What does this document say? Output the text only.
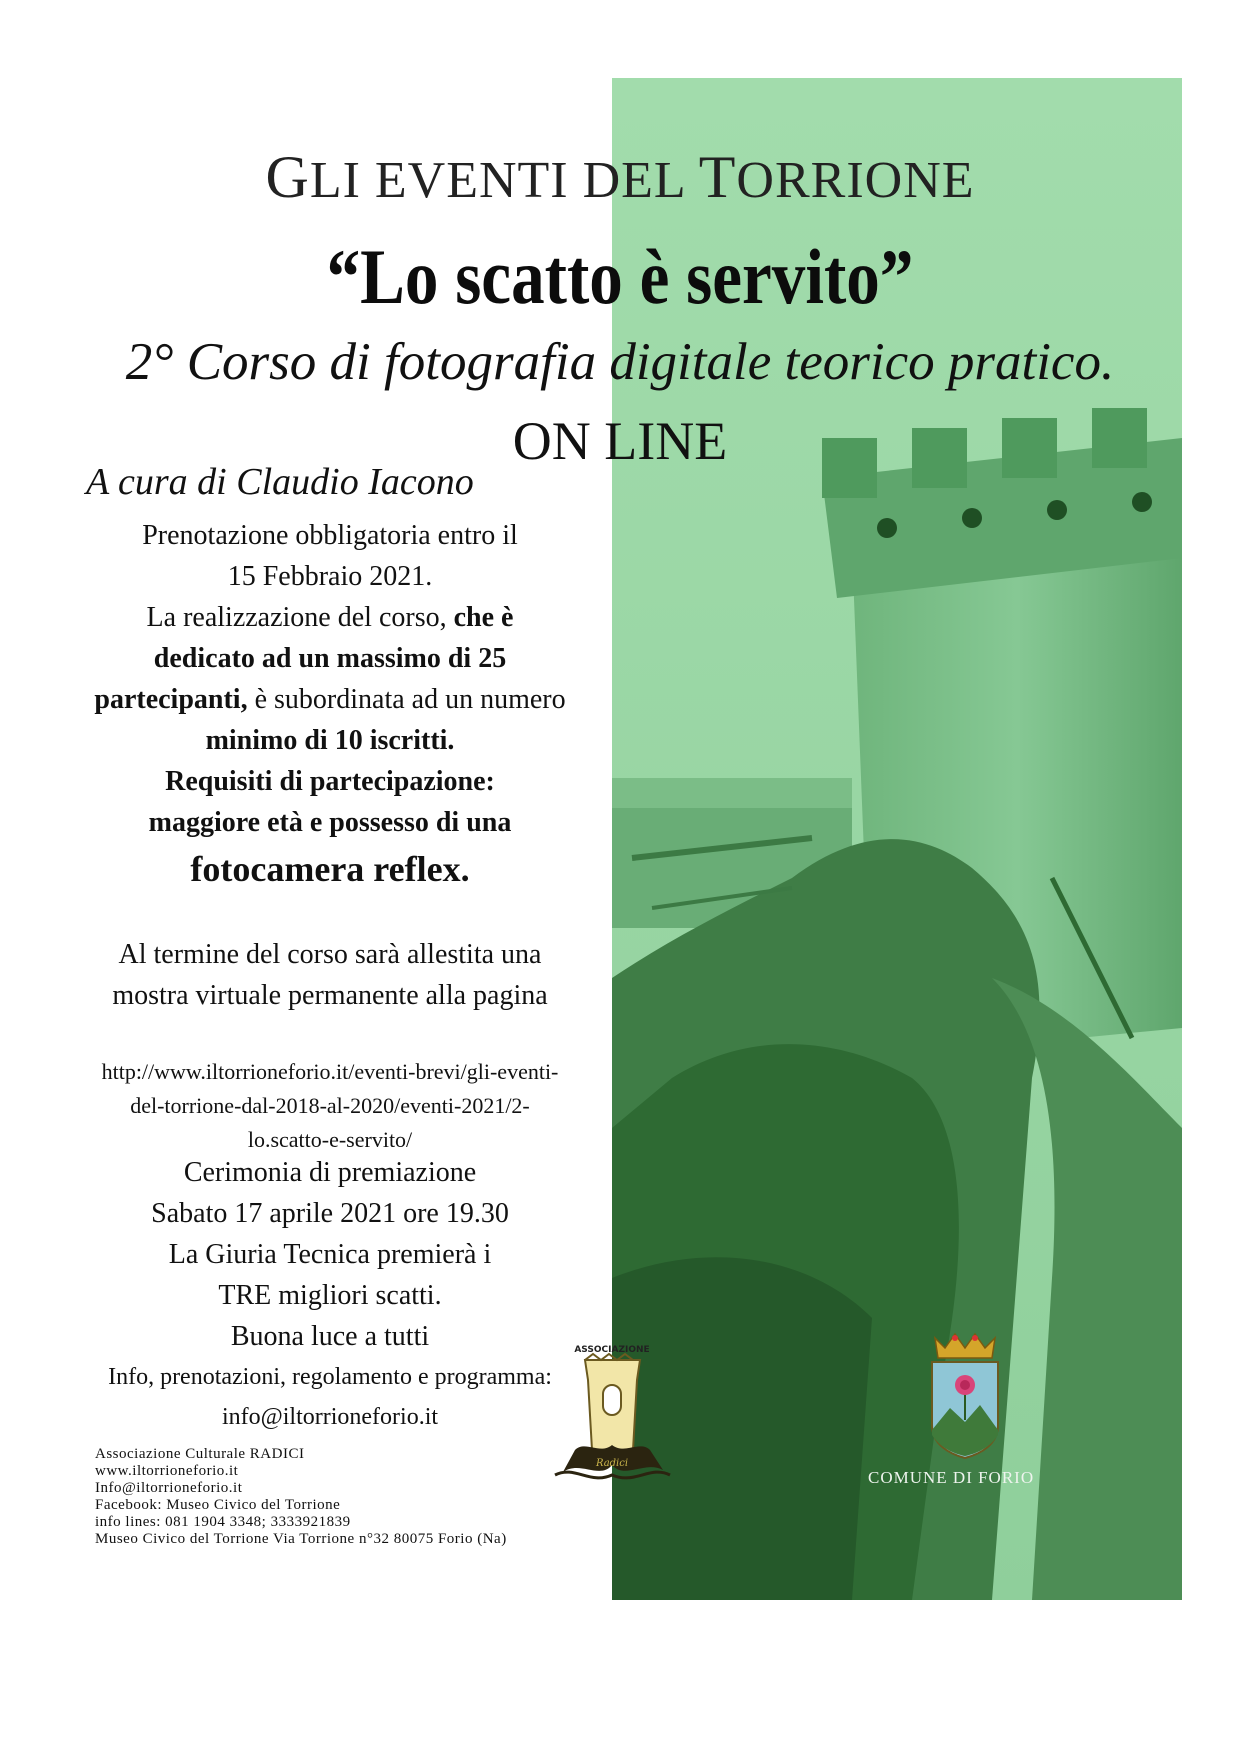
GLI EVENTI DEL TORRIONE
“Lo scatto è servito”
2° Corso di fotografia digitale teorico pratico.
ON LINE
A cura di Claudio Iacono
Prenotazione obbligatoria entro il
15 Febbraio 2021.
La realizzazione del corso, che è
dedicato ad un massimo di 25
partecipanti, è subordinata ad un numero
minimo di 10 iscritti.
Requisiti di partecipazione:
maggiore età e possesso di una
fotocamera reflex.
Al termine del corso sarà allestita una
mostra virtuale permanente alla pagina
http://www.iltorrioneforio.it/eventi-brevi/gli-eventi-
del-torrione-dal-2018-al-2020/eventi-2021/2-
lo.scatto-e-servito/
Cerimonia di premiazione
Sabato 17 aprile 2021 ore 19.30
La Giuria Tecnica premierà i
TRE migliori scatti.
Buona luce a tutti
Info, prenotazioni, regolamento e programma:
info@iltorrioneforio.it
Associazione Culturale RADICI
www.iltorrioneforio.it
Info@iltorrioneforio.it
Facebook: Museo Civico del Torrione
info lines: 081 1904 3348; 3333921839
Museo Civico del Torrione Via Torrione n°32 80075 Forio (Na)
ASSOCIAZIONE
Radici
COMUNE DI FORIO
